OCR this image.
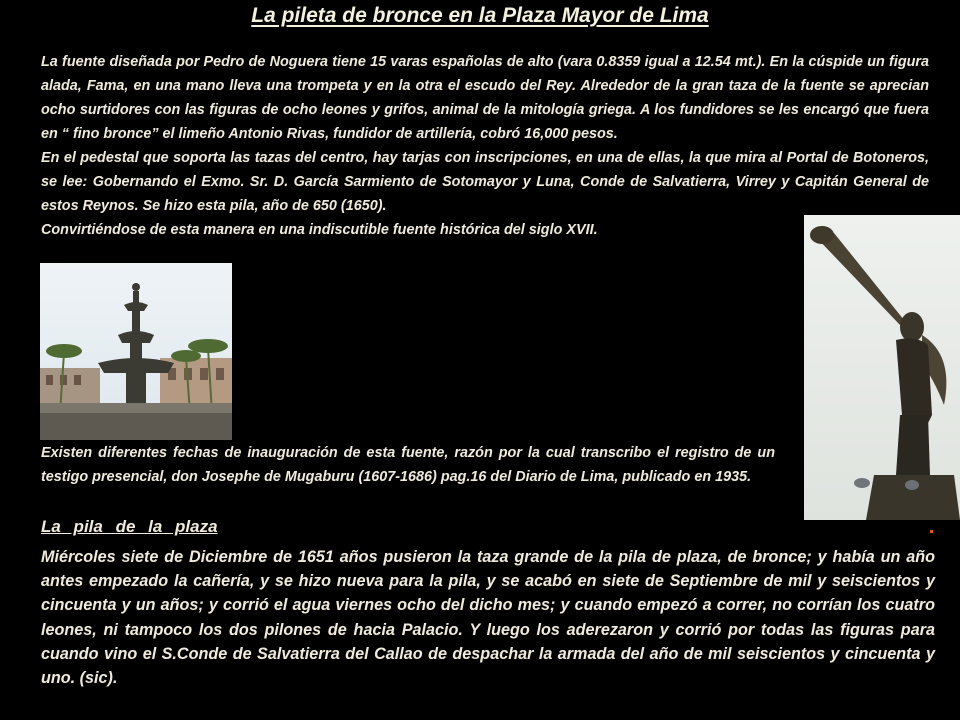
La pileta de bronce en la Plaza Mayor de Lima
La fuente diseñada por Pedro de Noguera tiene 15 varas españolas de alto (vara 0.8359 igual a 12.54 mt.). En la cúspide un figura alada, Fama, en una mano lleva una trompeta y en la otra el escudo del Rey. Alrededor de la gran taza de la fuente se aprecian ocho surtidores con las figuras de ocho leones y grifos, animal de la mitología griega. A los fundidores se les encargó que fuera en “ fino bronce” el limeño Antonio Rivas, fundidor de artillería, cobró 16,000 pesos.
En el pedestal que soporta las tazas del centro, hay tarjas con inscripciones, en una de ellas, la que mira al Portal de Botoneros, se lee: Gobernando el Exmo. Sr. D. García Sarmiento de Sotomayor y Luna, Conde de Salvatierra, Virrey y Capitán General de estos Reynos. Se hizo esta pila, año de 650 (1650).
Convirtiéndose de esta manera en una indiscutible fuente histórica del siglo XVII.
Existen diferentes fechas de inauguración de esta fuente, razón por la cual transcribo el registro de un testigo presencial, don Josephe de Mugaburu (1607-1686) pag.16 del Diario de Lima, publicado en 1935.
La pila de la plaza
Miércoles siete de Diciembre de 1651 años pusieron la taza grande de la pila de plaza, de bronce; y había un año antes empezado la cañería, y se hizo nueva para la pila, y se acabó en siete de Septiembre de mil y seiscientos y cincuenta y un años; y corrió el agua viernes ocho del dicho mes; y cuando empezó a correr, no corrían los cuatro leones, ni tampoco los dos pilones de hacia Palacio. Y luego los aderezaron y corrió por todas las figuras para cuando vino el S.Conde de Salvatierra del Callao de despachar la armada del año de mil seiscientos y cincuenta y uno. (sic).
